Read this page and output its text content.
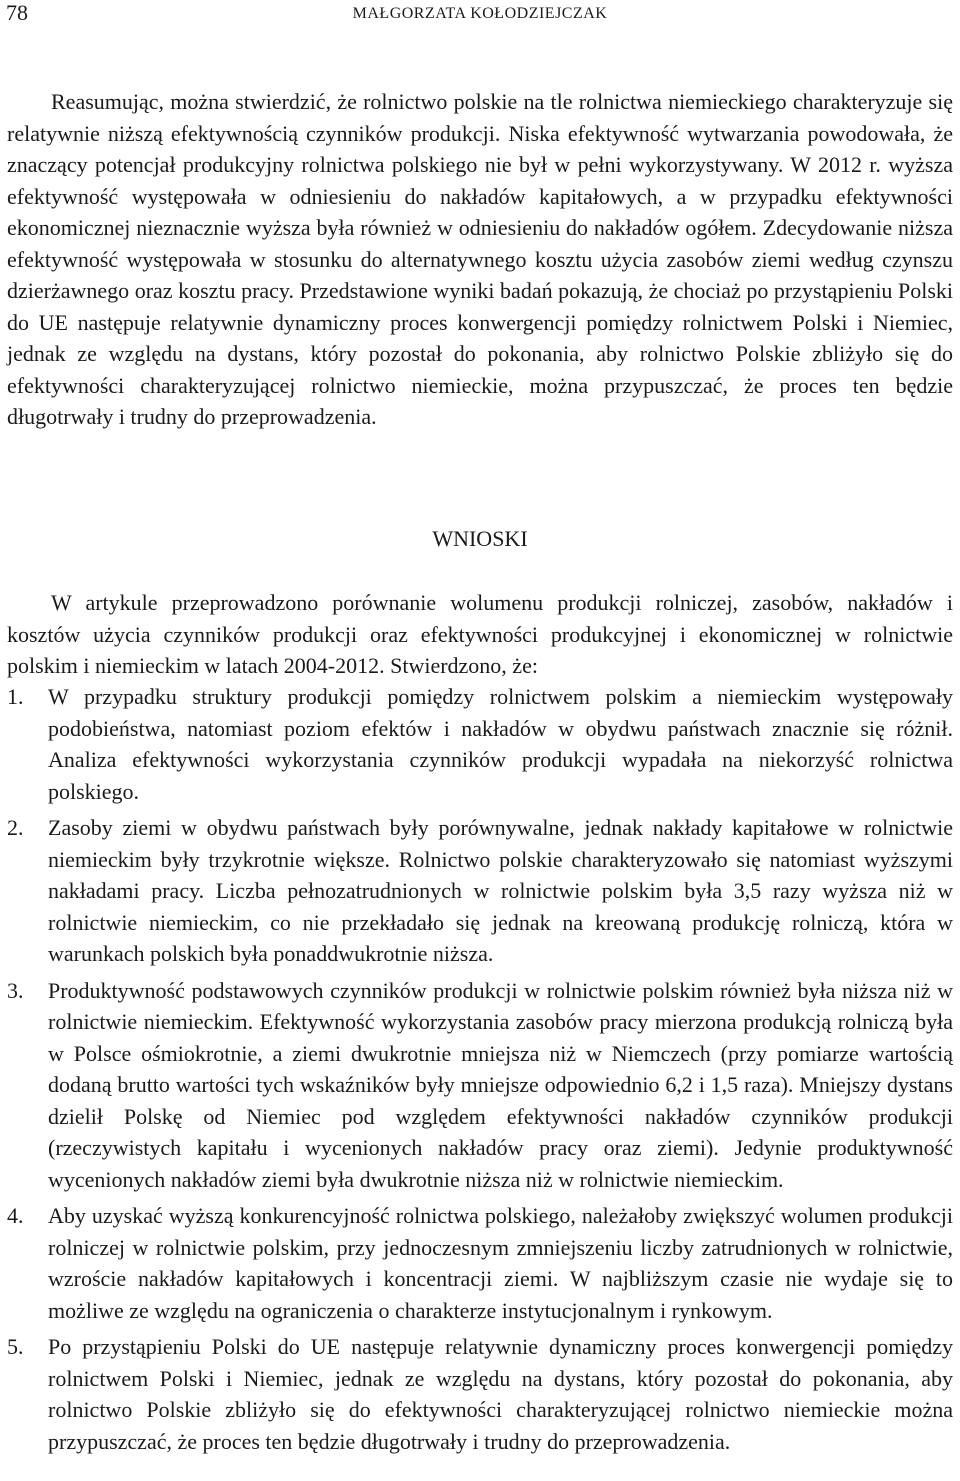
78	MAŁGORZATA KOŁODZIEJCZAK

Reasumując, można stwierdzić, że rolnictwo polskie na tle rolnictwa niemieckiego charakteryzuje się relatywnie niższą efektywnością czynników produkcji. Niska efektywność wytwarzania powodowała, że znaczący potencjał produkcyjny rolnictwa polskiego nie był w pełni wykorzystywany. W 2012 r. wyższa efektywność występowała w odniesieniu do nakładów kapitałowych, a w przypadku efektywności ekonomicznej nieznacznie wyższa była również w odniesieniu do nakładów ogółem. Zdecydowanie niższa efektywność występowała w stosunku do alternatywnego kosztu użycia zasobów ziemi według czynszu dzierżawnego oraz kosztu pracy. Przedstawione wyniki badań pokazują, że chociaż po przystąpieniu Polski do UE następuje relatywnie dynamiczny proces konwergencji pomiędzy rolnictwem Polski i Niemiec, jednak ze względu na dystans, który pozostał do pokonania, aby rolnictwo Polskie zbliżyło się do efektywności charakteryzującej rolnictwo niemieckie, można przypuszczać, że proces ten będzie długotrwały i trudny do przeprowadzenia.

WNIOSKI

W artykule przeprowadzono porównanie wolumenu produkcji rolniczej, zasobów, nakładów i kosztów użycia czynników produkcji oraz efektywności produkcyjnej i ekonomicznej w rolnictwie polskim i niemieckim w latach 2004-2012. Stwierdzono, że:

1. W przypadku struktury produkcji pomiędzy rolnictwem polskim a niemieckim występowały podobieństwa, natomiast poziom efektów i nakładów w obydwu państwach znacznie się różnił. Analiza efektywności wykorzystania czynników produkcji wypadała na niekorzyść rolnictwa polskiego.
2. Zasoby ziemi w obydwu państwach były porównywalne, jednak nakłady kapitałowe w rolnictwie niemieckim były trzykrotnie większe. Rolnictwo polskie charakteryzowało się natomiast wyższymi nakładami pracy. Liczba pełnozatrudnionych w rolnictwie polskim była 3,5 razy wyższa niż w rolnictwie niemieckim, co nie przekładało się jednak na kreowaną produkcję rolniczą, która w warunkach polskich była ponaddwukrotnie niższa.
3. Produktywność podstawowych czynników produkcji w rolnictwie polskim również była niższa niż w rolnictwie niemieckim. Efektywność wykorzystania zasobów pracy mierzona produkcją rolniczą była w Polsce ośmiokrotnie, a ziemi dwukrotnie mniejsza niż w Niemczech (przy pomiarze wartością dodaną brutto wartości tych wskaźników były mniejsze odpowiednio 6,2 i 1,5 raza). Mniejszy dystans dzielił Polskę od Niemiec pod względem efektywności nakładów czynników produkcji (rzeczywistych kapitału i wycenionych nakładów pracy oraz ziemi). Jedynie produktywność wycenionych nakładów ziemi była dwukrotnie niższa niż w rolnictwie niemieckim.
4. Aby uzyskać wyższą konkurencyjność rolnictwa polskiego, należałoby zwiększyć wolumen produkcji rolniczej w rolnictwie polskim, przy jednoczesnym zmniejszeniu liczby zatrudnionych w rolnictwie, wzroście nakładów kapitałowych i koncentracji ziemi. W najbliższym czasie nie wydaje się to możliwe ze względu na ograniczenia o charakterze instytucjonalnym i rynkowym.
5. Po przystąpieniu Polski do UE następuje relatywnie dynamiczny proces konwergencji pomiędzy rolnictwem Polski i Niemiec, jednak ze względu na dystans, który pozostał do pokonania, aby rolnictwo Polskie zbliżyło się do efektywności charakteryzującej rolnictwo niemieckie można przypuszczać, że proces ten będzie długotrwały i trudny do przeprowadzenia.
